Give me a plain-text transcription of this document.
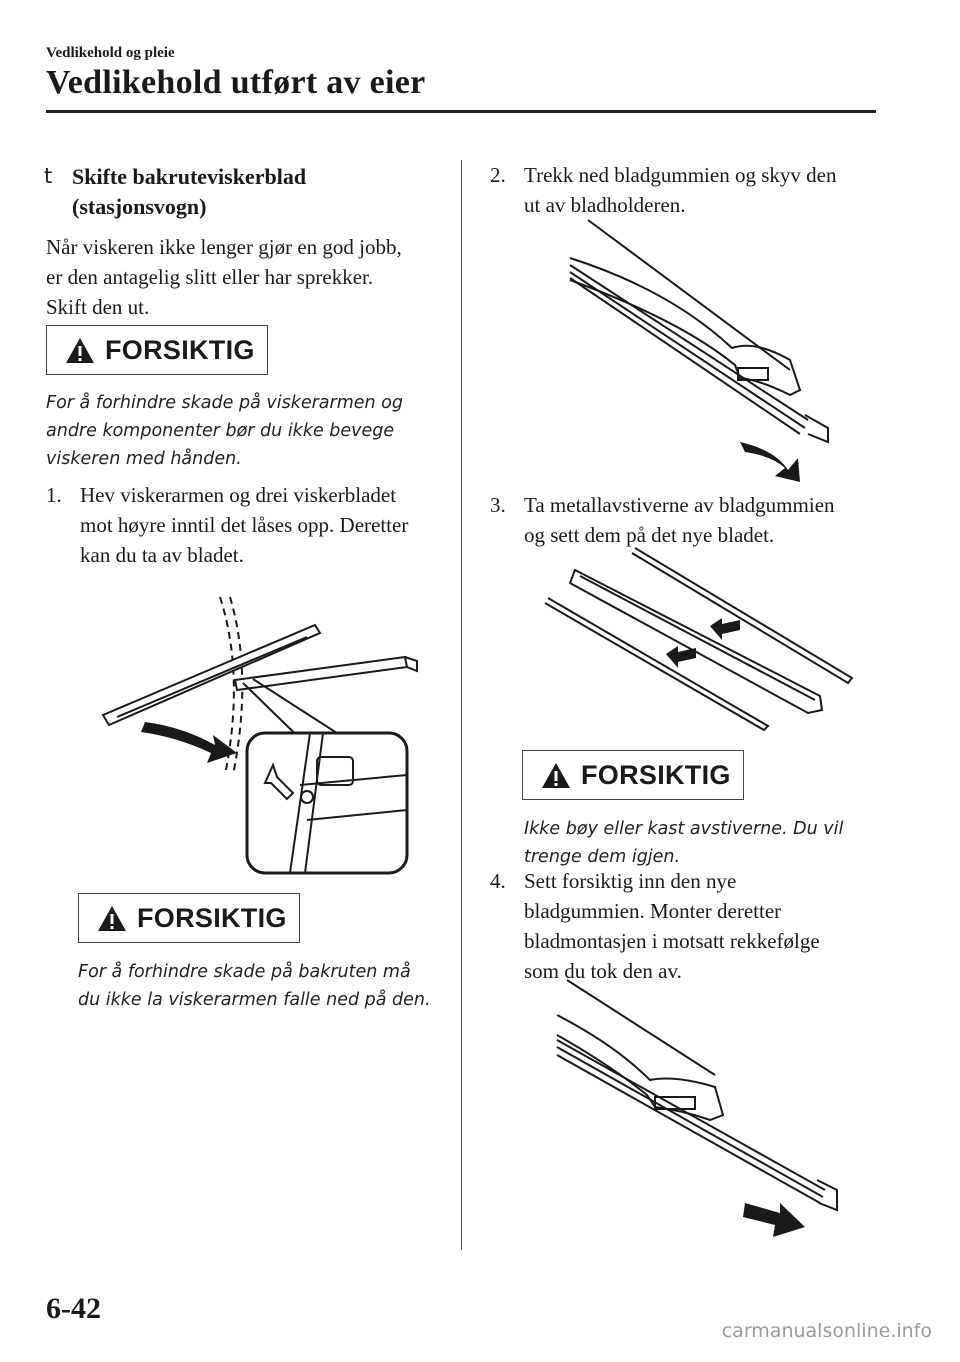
Vedlikehold og pleie
Vedlikehold utført av eier
t Skifte bakruteviskerblad
(stasjonsvogn)
Når viskeren ikke lenger gjør en god jobb,
er den antagelig slitt eller har sprekker.
Skift den ut.
FORSIKTIG
For å forhindre skade på viskerarmen og
andre komponenter bør du ikke bevege
viskeren med hånden.
1. Hev viskerarmen og drei viskerbladet
mot høyre inntil det låses opp. Deretter
kan du ta av bladet.
FORSIKTIG
For å forhindre skade på bakruten må
du ikke la viskerarmen falle ned på den.
2. Trekk ned bladgummien og skyv den
ut av bladholderen.
3. Ta metallavstiverne av bladgummien
og sett dem på det nye bladet.
FORSIKTIG
Ikke bøy eller kast avstiverne. Du vil
trenge dem igjen.
4. Sett forsiktig inn den nye
bladgummien. Monter deretter
bladmontasjen i motsatt rekkefølge
som du tok den av.
6-42
carmanualsonline.info
